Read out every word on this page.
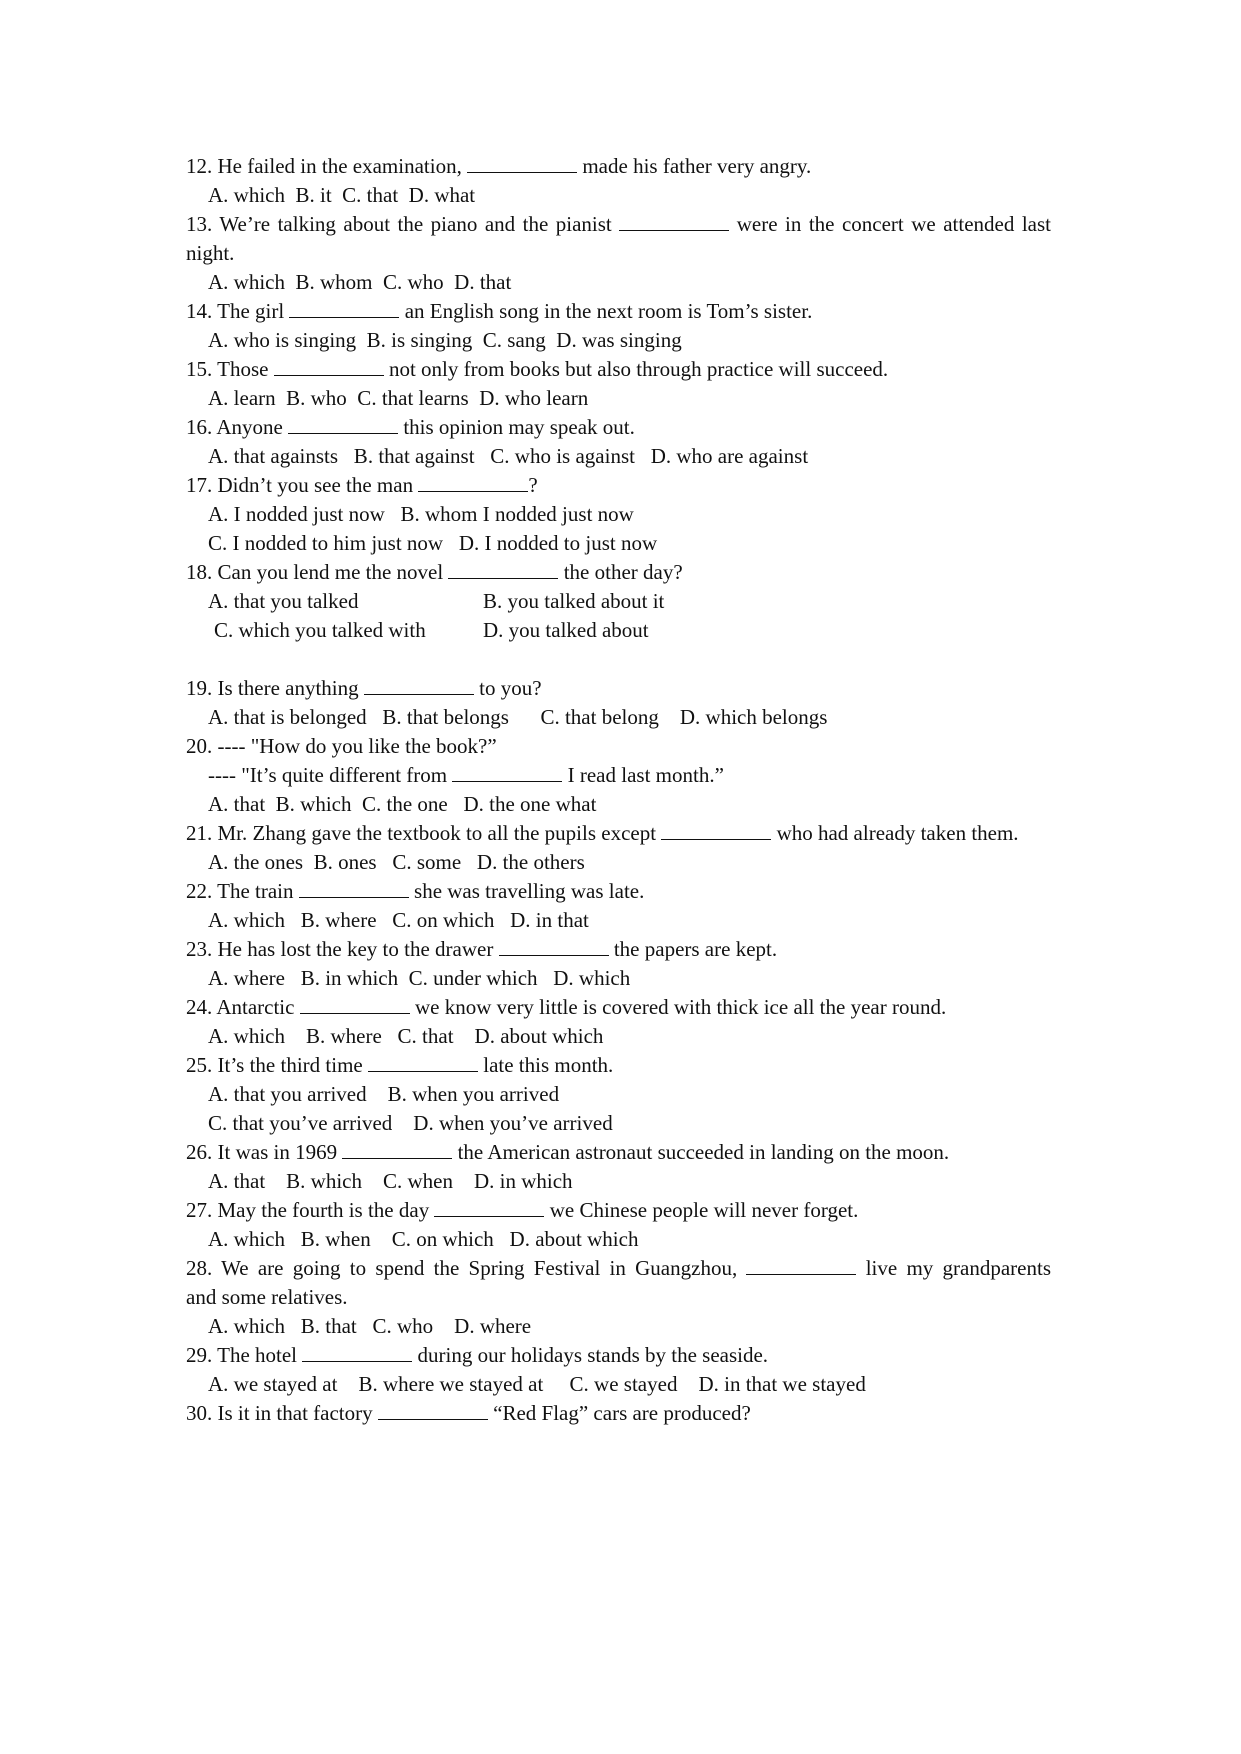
12. He failed in the examination,	made his father very angry.
A. which  B. it  C. that  D. what
13. We’re talking about the piano and the pianist	were in the concert we attended last
night.
A. which  B. whom  C. who  D. that
14. The girl	an English song in the next room is Tom’s sister.
A. who is singing  B. is singing  C. sang  D. was singing
15. Those	not only from books but also through practice will succeed.
A. learn  B. who  C. that learns  D. who learn
16. Anyone	this opinion may speak out.
A. that againsts   B. that against   C. who is against   D. who are against
17. Didn’t you see the man	?
A. I nodded just now   B. whom I nodded just now
C. I nodded to him just now   D. I nodded to just now
18. Can you lend me the novel	the other day?
A. that you talked	B. you talked about it
C. which you talked with	D. you talked about
19. Is there anything	to you?
A. that is belonged   B. that belongs      C. that belong    D. which belongs
20. ---- "How do you like the book?”
---- "It’s quite different from	I read last month.”
A. that  B. which  C. the one   D. the one what
21. Mr. Zhang gave the textbook to all the pupils except	who had already taken them.
A. the ones  B. ones   C. some   D. the others
22. The train	she was travelling was late.
A. which   B. where   C. on which   D. in that
23. He has lost the key to the drawer	the papers are kept.
A. where   B. in which  C. under which   D. which
24. Antarctic	we know very little is covered with thick ice all the year round.
A. which    B. where   C. that    D. about which
25. It’s the third time	late this month.
A. that you arrived    B. when you arrived
C. that you’ve arrived    D. when you’ve arrived
26. It was in 1969	the American astronaut succeeded in landing on the moon.
A. that    B. which    C. when    D. in which
27. May the fourth is the day	we Chinese people will never forget.
A. which   B. when    C. on which   D. about which
28. We are going to spend the Spring Festival in Guangzhou,	live my grandparents
and some relatives.
A. which   B. that   C. who    D. where
29. The hotel	during our holidays stands by the seaside.
A. we stayed at    B. where we stayed at     C. we stayed    D. in that we stayed
30. Is it in that factory	“Red Flag” cars are produced?
